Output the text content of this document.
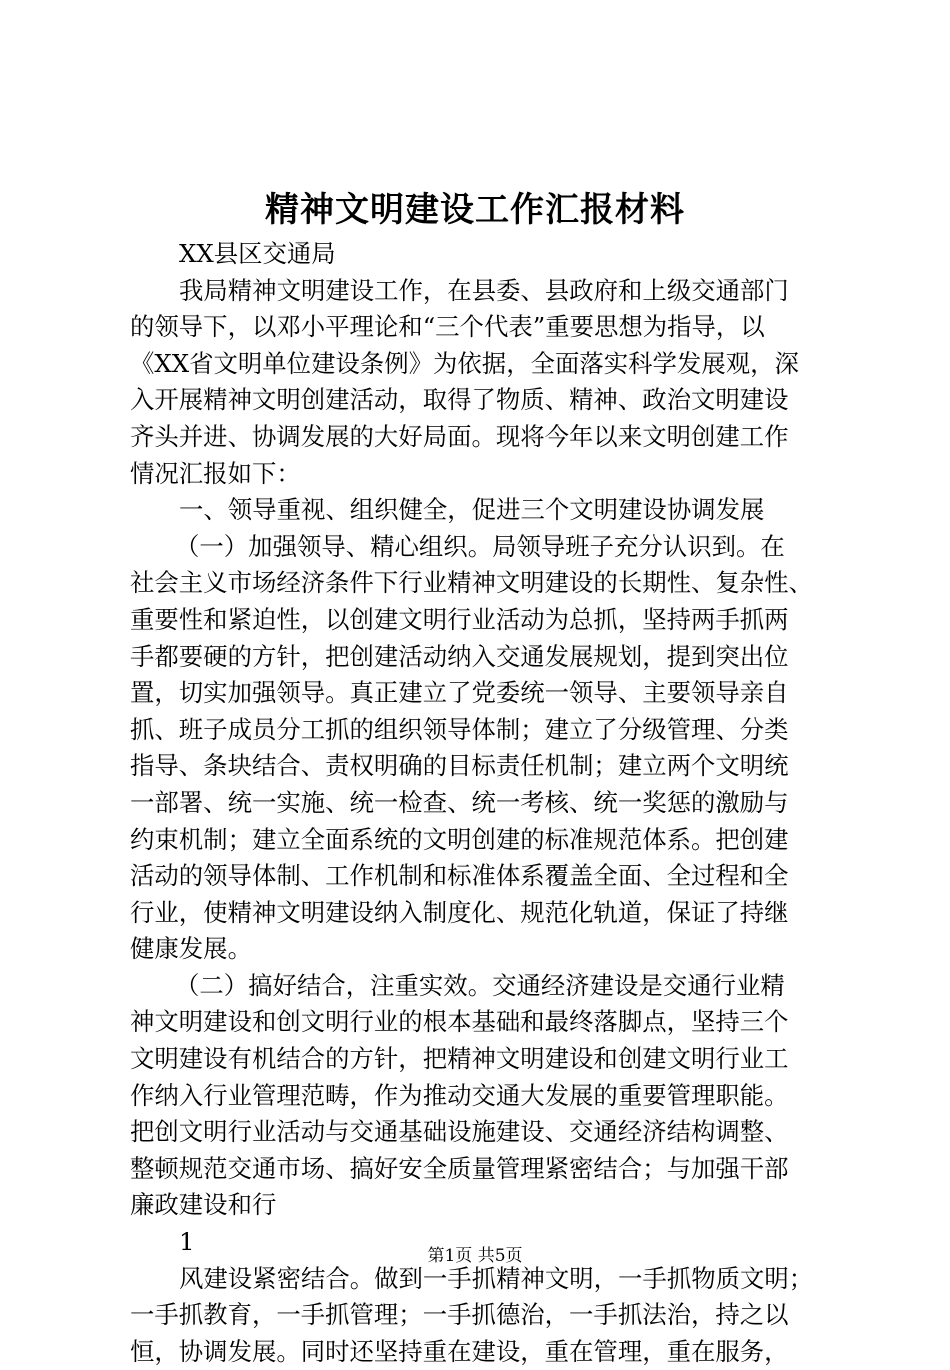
精神文明建设工作汇报材料
XX县区交通局
我局精神文明建设工作，在县委、县政府和上级交通部门
的领导下，以邓小平理论和“三个代表”重要思想为指导，以
《XX省文明单位建设条例》为依据，全面落实科学发展观，深
入开展精神文明创建活动，取得了物质、精神、政治文明建设
齐头并进、协调发展的大好局面。现将今年以来文明创建工作
情况汇报如下：
一、领导重视、组织健全，促进三个文明建设协调发展
（一）加强领导、精心组织。局领导班子充分认识到。在
社会主义市场经济条件下行业精神文明建设的长期性、复杂性、
重要性和紧迫性，以创建文明行业活动为总抓，坚持两手抓两
手都要硬的方针，把创建活动纳入交通发展规划，提到突出位
置，切实加强领导。真正建立了党委统一领导、主要领导亲自
抓、班子成员分工抓的组织领导体制；建立了分级管理、分类
指导、条块结合、责权明确的目标责任机制；建立两个文明统
一部署、统一实施、统一检查、统一考核、统一奖惩的激励与
约束机制；建立全面系统的文明创建的标准规范体系。把创建
活动的领导体制、工作机制和标准体系覆盖全面、全过程和全
行业，使精神文明建设纳入制度化、规范化轨道，保证了持继
健康发展。
（二）搞好结合，注重实效。交通经济建设是交通行业精
神文明建设和创文明行业的根本基础和最终落脚点，坚持三个
文明建设有机结合的方针，把精神文明建设和创建文明行业工
作纳入行业管理范畴，作为推动交通大发展的重要管理职能。
把创文明行业活动与交通基础设施建设、交通经济结构调整、
整顿规范交通市场、搞好安全质量管理紧密结合；与加强干部
廉政建设和行
1
风建设紧密结合。做到一手抓精神文明，一手抓物质文明；
一手抓教育，一手抓管理；一手抓德治，一手抓法治，持之以
恒，协调发展。同时还坚持重在建设，重在管理，重在服务，
第1页 共5页
